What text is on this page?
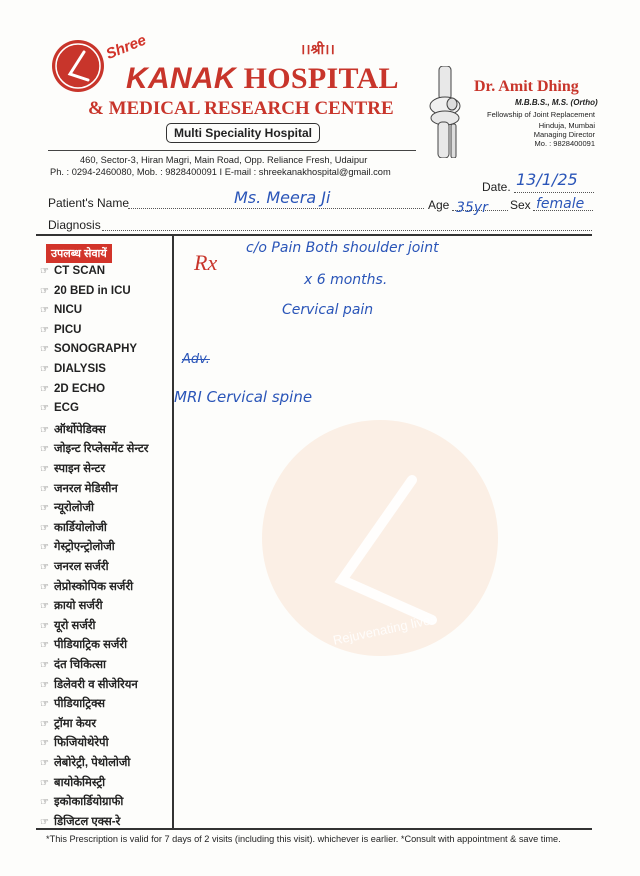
Rejuvenating lives
Shree	।।श्री।।
KANAK HOSPITAL
& MEDICAL RESEARCH CENTRE
Multi Speciality Hospital
460, Sector-3, Hiran Magri, Main Road, Opp. Reliance Fresh, Udaipur
Ph. : 0294-2460080, Mob. : 9828400091 I E-mail : shreekanakhospital@gmail.com
Dr. Amit Dhing
M.B.B.S., M.S. (Ortho)
Fellowship of Joint Replacement
Hinduja, Mumbai
Managing Director
Mo. : 9828400091
Date. 13/1/25
Patient's Name	Ms. Meera Ji	Age 35yr Sex female
Diagnosis
उपलब्ध सेवायें
☞ CT SCAN
☞ 20 BED in ICU
☞ NICU
☞ PICU
☞ SONOGRAPHY
☞ DIALYSIS
☞ 2D ECHO
☞ ECG
☞ ऑर्थोपेडिक्स
☞ जोइन्ट रिप्लेसमेंट सेन्टर
☞ स्पाइन सेन्टर
☞ जनरल मेडिसीन
☞ न्यूरोलोजी
☞ कार्डियोलोजी
☞ गेस्ट्रोएन्ट्रोलोजी
☞ जनरल सर्जरी
☞ लेप्रोस्कोपिक सर्जरी
☞ क्रायो सर्जरी
☞ यूरो सर्जरी
☞ पीडियाट्रिक सर्जरी
☞ दंत चिकित्सा
☞ डिलेवरी व सीजेरियन
☞ पीडियाट्रिक्स
☞ ट्रॉमा केयर
☞ फिजियोथेरेपी
☞ लेबोरेट्री, पेथोलोजी
☞ बायोकेमिस्ट्री
☞ इकोकार्डियोग्राफी
☞ डिजिटल एक्स-रे
Rx
c/o Pain Both shoulder joint
x 6 months.
Cervical pain
Adv.
MRI Cervical spine
*This Prescription is valid for 7 days of 2 visits (including this visit). whichever is earlier. *Consult with appointment & save time.
